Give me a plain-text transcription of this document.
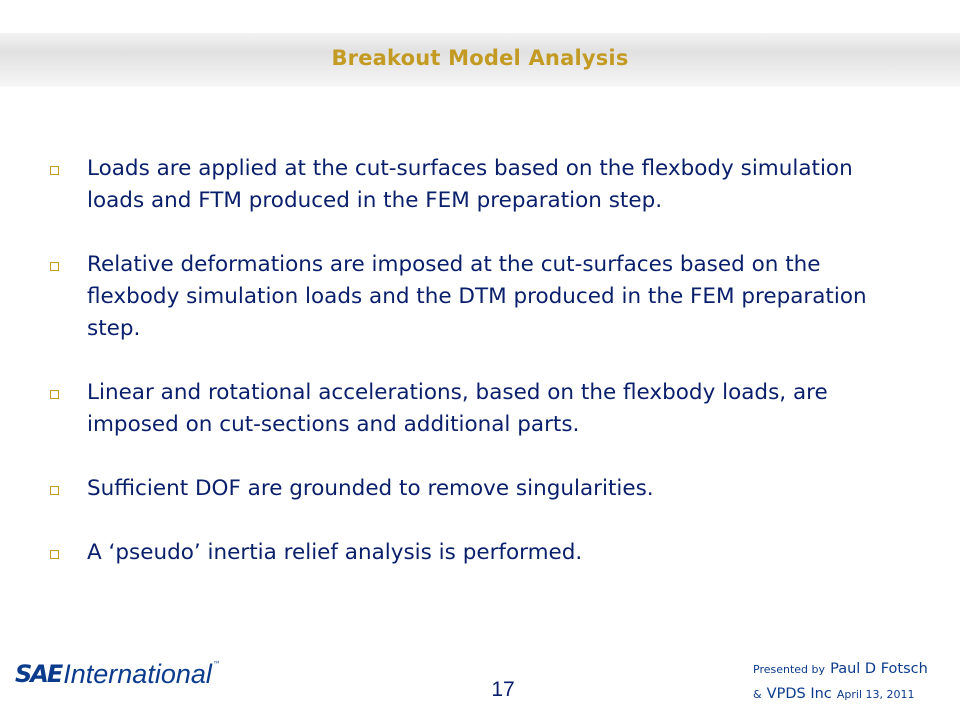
Breakout Model Analysis
Loads are applied at the cut-surfaces based on the flexbody simulation loads and FTM produced in the FEM preparation step.
Relative deformations are imposed at the cut-surfaces based on the flexbody simulation loads and the DTM produced in the FEM preparation step.
Linear and rotational accelerations, based on the flexbody loads, are imposed on cut-sections and additional parts.
Sufficient DOF are grounded to remove singularities.
A ‘pseudo’ inertia relief analysis is performed.
SAE International ™
17
Presented by Paul D Fotsch
& VPDS Inc April 13, 2011
